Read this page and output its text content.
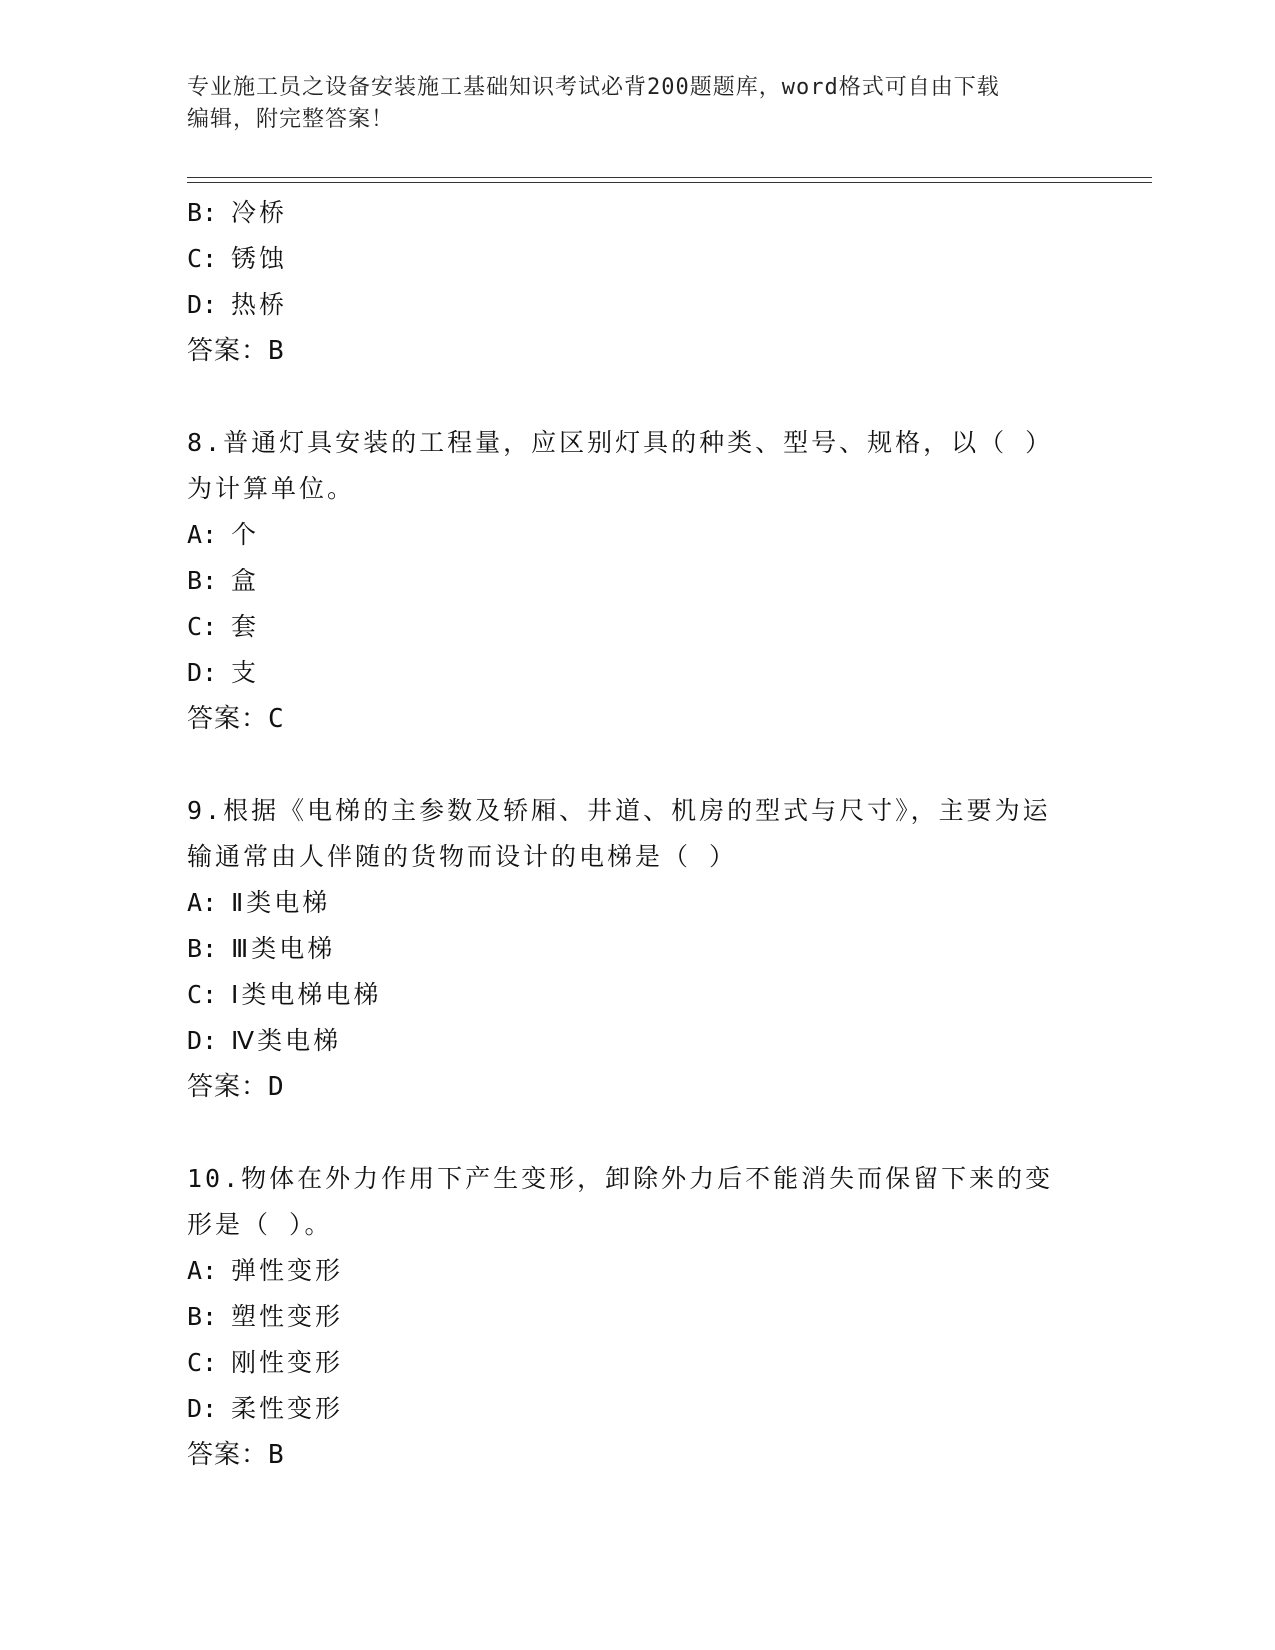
专业施工员之设备安装施工基础知识考试必背200题题库，word格式可自由下载
编辑，附完整答案！
B: 冷桥
C: 锈蚀
D: 热桥
答案：B
8.普通灯具安装的工程量，应区别灯具的种类、型号、规格，以（ ）为计算单位。
A: 个
B: 盒
C: 套
D: 支
答案：C
9.根据《电梯的主参数及轿厢、井道、机房的型式与尺寸》，主要为运输通常由人伴随的货物而设计的电梯是（ ）
A: Ⅱ类电梯
B: Ⅲ类电梯
C: Ⅰ类电梯电梯
D: Ⅳ类电梯
答案：D
10.物体在外力作用下产生变形，卸除外力后不能消失而保留下来的变形是（ ）。
A: 弹性变形
B: 塑性变形
C: 刚性变形
D: 柔性变形
答案：B
